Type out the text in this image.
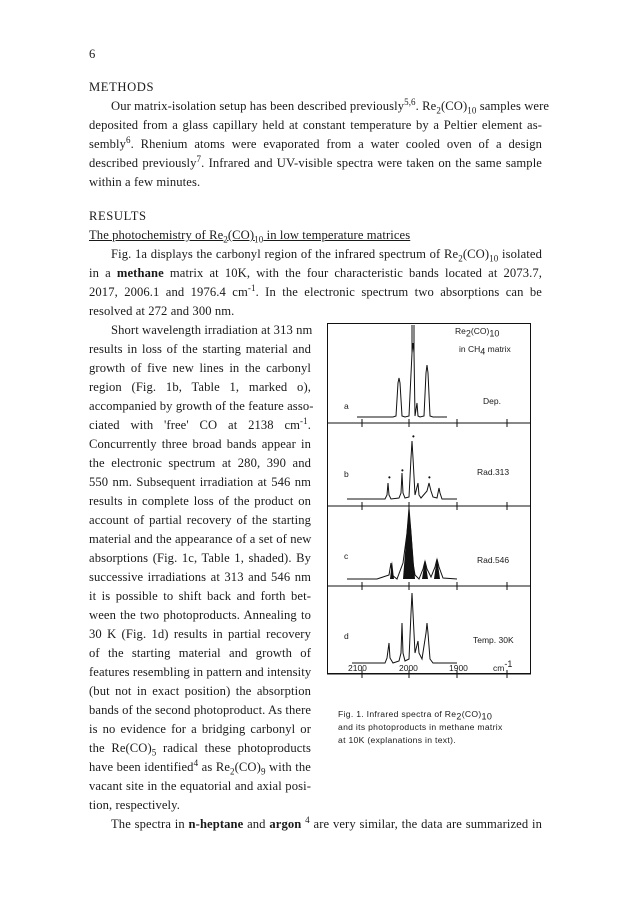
6
METHODS
Our matrix-isolation setup has been described previously$^{5,6}$. $Re_2(CO)_{10}$ samples were
deposited from a glass capillary held at constant temperature by a Peltier element as-
sembly$^6$. Rhenium atoms were evaporated from a water cooled oven of a design
described previously$^7$. Infrared and UV-visible spectra were taken on the same sample
within a few minutes.
RESULTS
The photochemistry of $Re_2(CO)_{10}$ in low temperature matrices
Fig. 1a displays the carbonyl region of the infrared spectrum of $Re_2(CO)_{10}$ isolated
in a methane matrix at 10K, with the four characteristic bands located at 2073.7,
2017, 2006.1 and 1976.4 $cm^{-1}$. In the electronic spectrum two absorptions can be
resolved at 272 and 300 nm.
Short wavelength irradiation at 313 nm
results in loss of the starting material and
growth of five new lines in the carbonyl
region (Fig. 1b, Table 1, marked o),
accompanied by growth of the feature asso-
ciated with 'free' CO at 2138 $cm^{-1}$.
Concurrently three broad bands appear in
the electronic spectrum at 280, 390 and
550 nm. Subsequent irradiation at 546 nm
results in complete loss of the product on
account of partial recovery of the starting
material and the appearance of a set of new
absorptions (Fig. 1c, Table 1, shaded). By
successive irradiations at 313 and 546 nm
it is possible to shift back and forth bet-
ween the two photoproducts. Annealing to
30 K (Fig. 1d) results in partial recovery
of the starting material and growth of
features resembling in pattern and intensity
(but not in exact position) the absorption
bands of the second photoproduct. As there
is no evidence for a bridging carbonyl or
the $Re(CO)_5$ radical these photoproducts
have been identified$^4$ as $Re_2(CO)_9$ with the
vacant site in the equatorial and axial posi-
tion, respectively.
The spectra in n-heptane and argon $^4$ are very similar, the data are summarized in
•
•
•
•
$Re_2(CO)_{10}$
in $CH_4$ matrix
a	Dep.
b	Rad.313
c	Rad.546
d	Temp. 30K
2100	2000	1900	$cm^{-1}$
Fig. 1. Infrared spectra of $Re_2(CO)_{10}$
and its photoproducts in methane matrix
at 10K (explanations in text).
